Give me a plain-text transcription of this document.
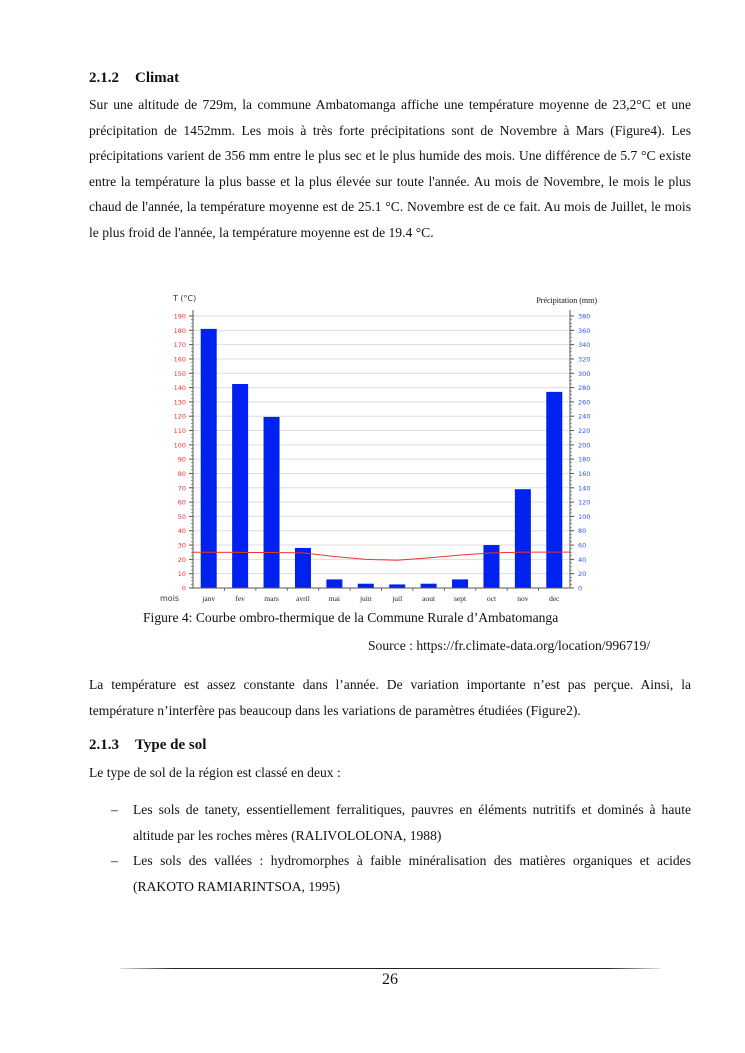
2.1.2 Climat

Sur une altitude de 729m, la commune Ambatomanga affiche une température moyenne de 23,2°C et une précipitation de 1452mm. Les mois à très forte précipitations sont de Novembre à Mars (Figure4). Les précipitations varient de 356 mm entre le plus sec et le plus humide des mois. Une différence de 5.7 °C existe entre la température la plus basse et la plus élevée sur toute l'année. Au mois de Novembre, le mois le plus chaud de l'année, la température moyenne est de 25.1 °C. Novembre est de ce fait. Au mois de Juillet, le mois le plus froid de l'année, la température moyenne est de 19.4 °C.

0
10
20
30
40
50
60
70
80
90
100
110
120
130
140
150
160
170
180
190
0
20
40
60
80
100
120
140
160
180
200
220
240
260
280
300
320
340
360
380
janv	fev	mars avril	mai	juin	juil	aout	sept	oct	nov	dec
T (°C)	Précipitation (mm)
mois
Figure 4: Courbe ombro-thermique de la Commune Rurale d’Ambatomanga
Source : https://fr.climate-data.org/location/996719/

La température est assez constante dans l’année. De variation importante n’est pas perçue. Ainsi, la température n’interfère pas beaucoup dans les variations de paramètres étudiées (Figure2).

2.1.3 Type de sol

Le type de sol de la région est classé en deux :

– Les sols de tanety, essentiellement ferralitiques, pauvres en éléments nutritifs et dominés à haute altitude par les roches mères (RALIVOLOLONA, 1988)
– Les sols des vallées : hydromorphes à faible minéralisation des matières organiques et acides (RAKOTO RAMIARINTSOA, 1995)
26
